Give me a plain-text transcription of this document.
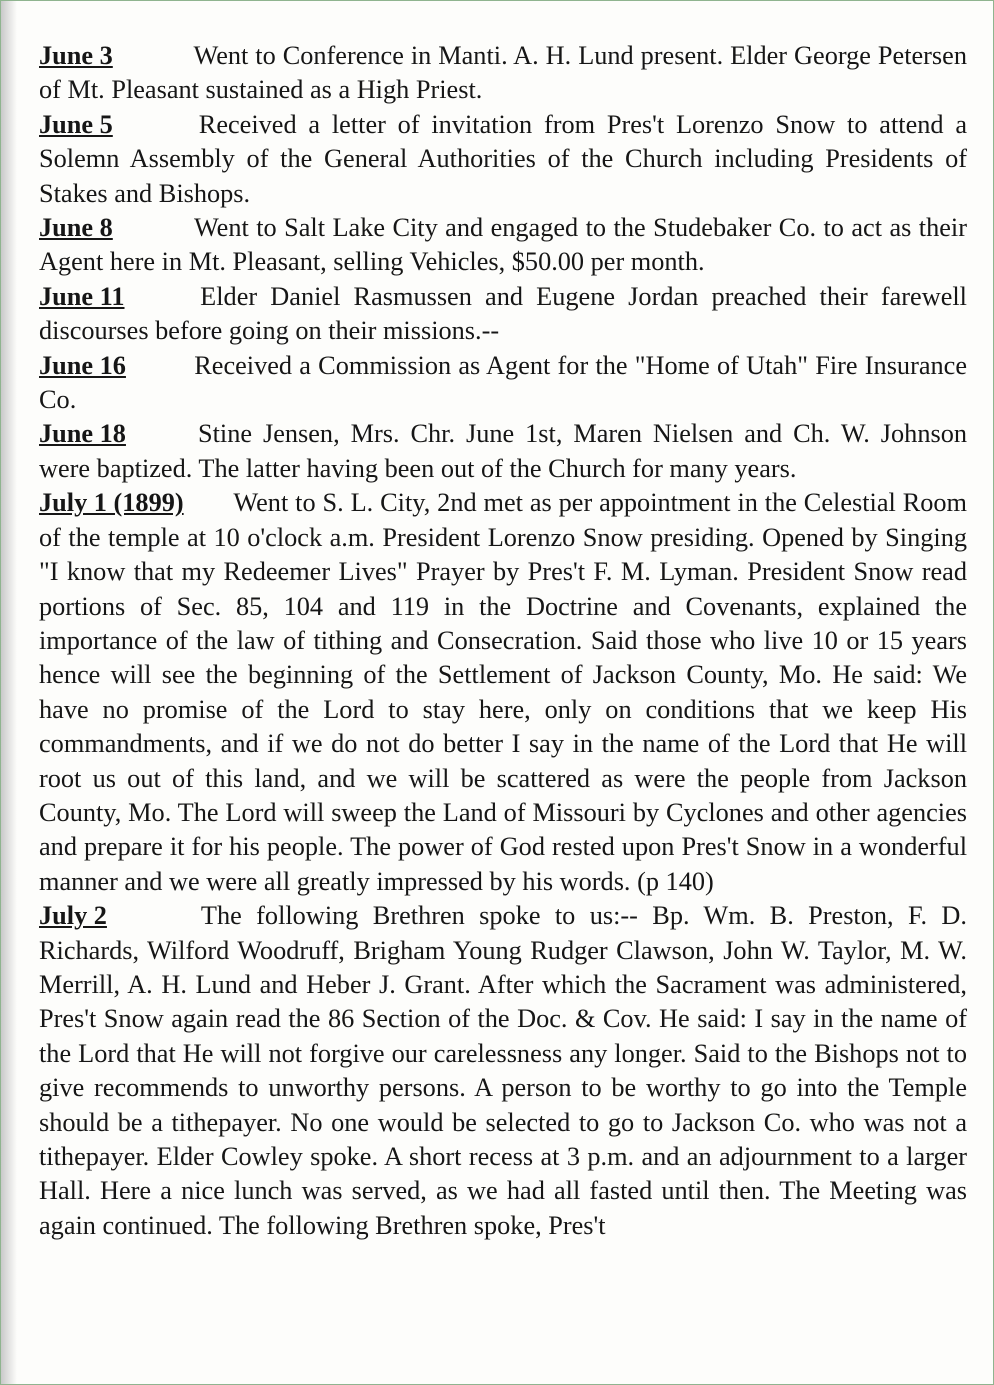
June 3	Went to Conference in Manti. A. H. Lund present. Elder George Petersen of Mt. Pleasant sustained as a High Priest.

June 5	Received a letter of invitation from Pres't Lorenzo Snow to attend a Solemn Assembly of the General Authorities of the Church including Presidents of Stakes and Bishops.

June 8	Went to Salt Lake City and engaged to the Studebaker Co. to act as their Agent here in Mt. Pleasant, selling Vehicles, $50.00 per month.

June 11	Elder Daniel Rasmussen and Eugene Jordan preached their farewell discourses before going on their missions.--

June 16	Received a Commission as Agent for the "Home of Utah" Fire Insurance Co.

June 18	Stine Jensen, Mrs. Chr. June 1st, Maren Nielsen and Ch. W. Johnson were baptized. The latter having been out of the Church for many years.

July 1 (1899) Went to S. L. City, 2nd met as per appointment in the Celestial Room of the temple at 10 o'clock a.m. President Lorenzo Snow presiding. Opened by Singing "I know that my Redeemer Lives" Prayer by Pres't F. M. Lyman. President Snow read portions of Sec. 85, 104 and 119 in the Doctrine and Covenants, explained the importance of the law of tithing and Consecration. Said those who live 10 or 15 years hence will see the beginning of the Settlement of Jackson County, Mo. He said: We have no promise of the Lord to stay here, only on conditions that we keep His commandments, and if we do not do better I say in the name of the Lord that He will root us out of this land, and we will be scattered as were the people from Jackson County, Mo. The Lord will sweep the Land of Missouri by Cyclones and other agencies and prepare it for his people. The power of God rested upon Pres't Snow in a wonderful manner and we were all greatly impressed by his words. (p 140)

July 2	The following Brethren spoke to us:-- Bp. Wm. B. Preston, F. D. Richards, Wilford Woodruff, Brigham Young Rudger Clawson, John W. Taylor, M. W. Merrill, A. H. Lund and Heber J. Grant. After which the Sacrament was administered, Pres't Snow again read the 86 Section of the Doc. & Cov. He said: I say in the name of the Lord that He will not forgive our carelessness any longer. Said to the Bishops not to give recommends to unworthy persons. A person to be worthy to go into the Temple should be a tithepayer. No one would be selected to go to Jackson Co. who was not a tithepayer. Elder Cowley spoke. A short recess at 3 p.m. and an adjournment to a larger Hall. Here a nice lunch was served, as we had all fasted until then. The Meeting was again continued. The following Brethren spoke, Pres't
